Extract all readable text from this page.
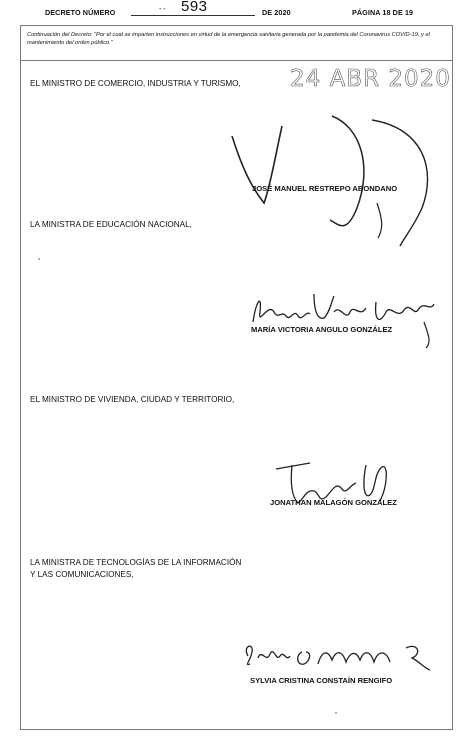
DECRETO NÚMERO	- - 593	DE 2020	PÁGINA 18 DE 19
Continuación del Decreto: "Por el cual se imparten instrucciones en virtud de la emergencia sanitaria generada por la pandemia del Coronavirus COVID-19, y el mantenimiento del orden público."
EL MINISTRO DE COMERCIO, INDUSTRIA Y TURISMO, 24 ABR 2020
JOSÉ MANUEL RESTREPO ABONDANO
LA MINISTRA DE EDUCACIÓN NACIONAL,
MARÍA VICTORIA ANGULO GONZÁLEZ
EL MINISTRO DE VIVIENDA, CIUDAD Y TERRITORIO,
JONATHAN MALAGÓN GONZÁLEZ
LA MINISTRA DE TECNOLOGÍAS DE LA INFORMACIÓN
Y LAS COMUNICACIONES,
SYLVIA CRISTINA CONSTAÍN RENGIFO
